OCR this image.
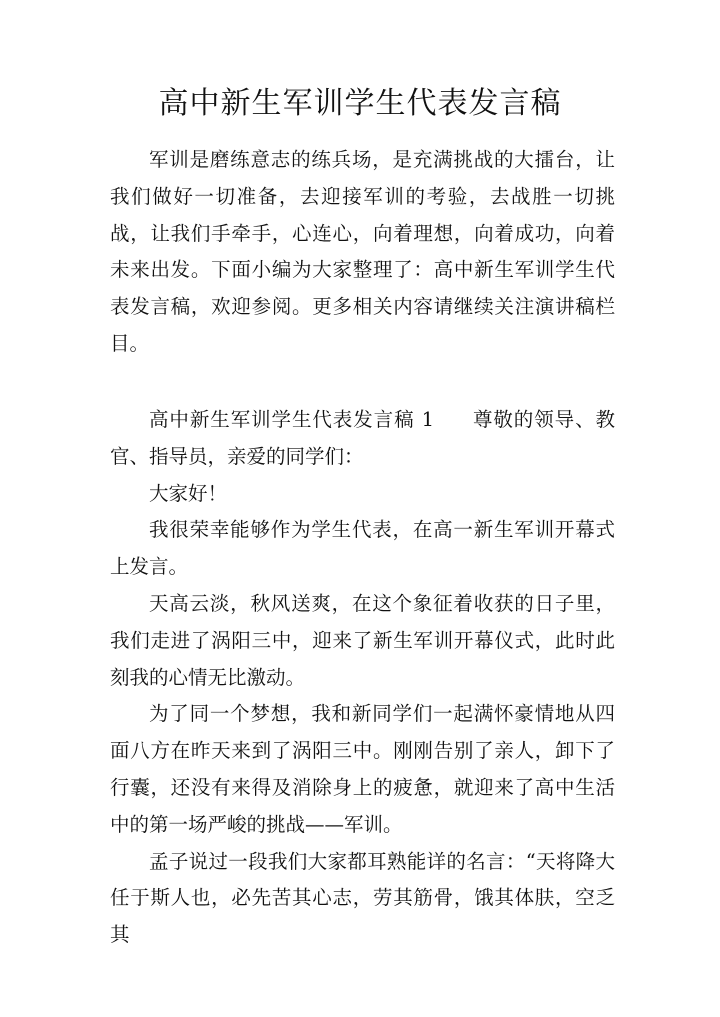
高中新生军训学生代表发言稿

军训是磨练意志的练兵场，是充满挑战的大擂台，让我们做好一切准备，去迎接军训的考验，去战胜一切挑战，让我们手牵手，心连心，向着理想，向着成功，向着未来出发。下面小编为大家整理了：高中新生军训学生代表发言稿，欢迎参阅。更多相关内容请继续关注演讲稿栏目。

高中新生军训学生代表发言稿 1 尊敬的领导、教官、指导员，亲爱的同学们：

大家好！

我很荣幸能够作为学生代表，在高一新生军训开幕式上发言。

天高云淡，秋风送爽，在这个象征着收获的日子里，我们走进了涡阳三中，迎来了新生军训开幕仪式，此时此刻我的心情无比激动。

为了同一个梦想，我和新同学们一起满怀豪情地从四面八方在昨天来到了涡阳三中。刚刚告别了亲人，卸下了行囊，还没有来得及消除身上的疲惫，就迎来了高中生活中的第一场严峻的挑战——军训。

孟子说过一段我们大家都耳熟能详的名言：“天将降大任于斯人也，必先苦其心志，劳其筋骨，饿其体肤，空乏其
